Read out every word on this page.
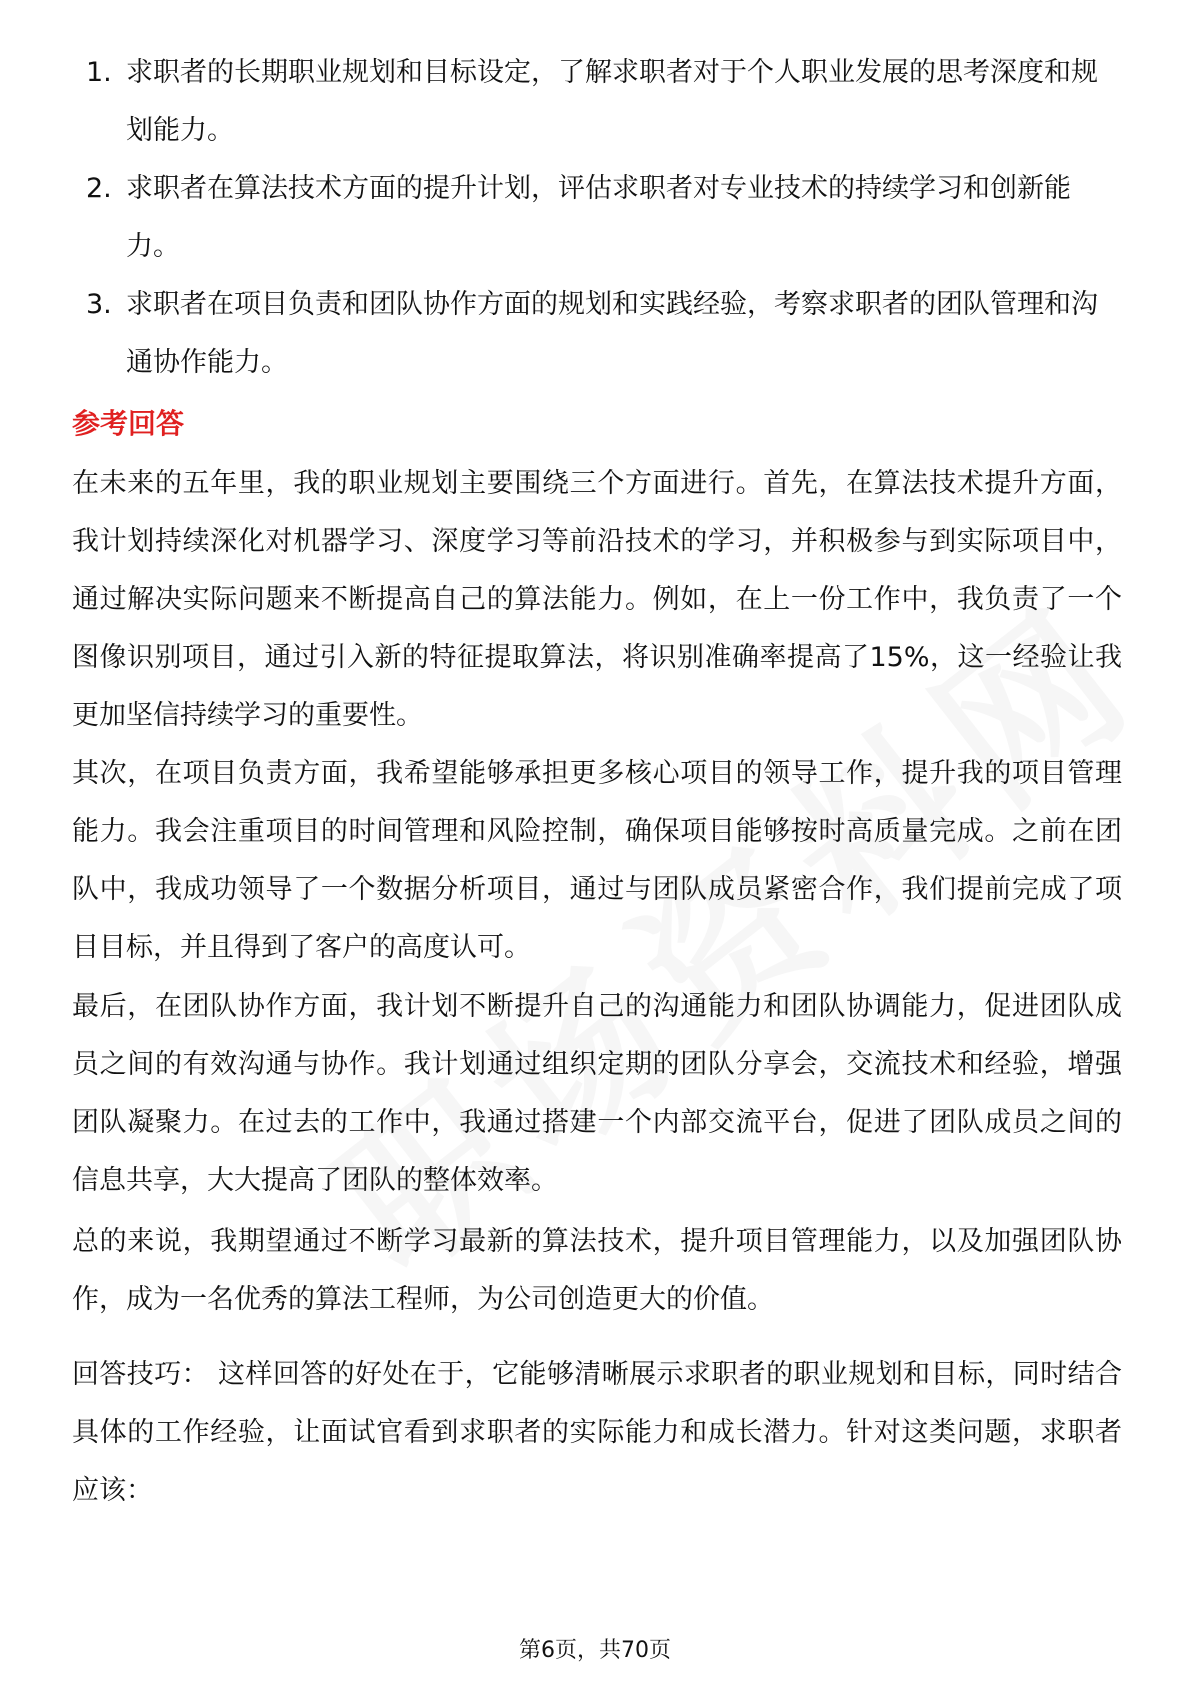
1. 求职者的长期职业规划和目标设定，了解求职者对于个人职业发展的思考深度和规划能力。
2. 求职者在算法技术方面的提升计划，评估求职者对专业技术的持续学习和创新能力。
3. 求职者在项目负责和团队协作方面的规划和实践经验，考察求职者的团队管理和沟通协作能力。
参考回答

在未来的五年里，我的职业规划主要围绕三个方面进行。首先，在算法技术提升方面，我计划持续深化对机器学习、深度学习等前沿技术的学习，并积极参与到实际项目中，通过解决实际问题来不断提高自己的算法能力。例如，在上一份工作中，我负责了一个图像识别项目，通过引入新的特征提取算法，将识别准确率提高了15%，这一经验让我更加坚信持续学习的重要性。

其次，在项目负责方面，我希望能够承担更多核心项目的领导工作，提升我的项目管理能力。我会注重项目的时间管理和风险控制，确保项目能够按时高质量完成。之前在团队中，我成功领导了一个数据分析项目，通过与团队成员紧密合作，我们提前完成了项目目标，并且得到了客户的高度认可。

最后，在团队协作方面，我计划不断提升自己的沟通能力和团队协调能力，促进团队成员之间的有效沟通与协作。我计划通过组织定期的团队分享会，交流技术和经验，增强团队凝聚力。在过去的工作中，我通过搭建一个内部交流平台，促进了团队成员之间的信息共享，大大提高了团队的整体效率。

总的来说，我期望通过不断学习最新的算法技术，提升项目管理能力，以及加强团队协作，成为一名优秀的算法工程师，为公司创造更大的价值。

回答技巧： 这样回答的好处在于，它能够清晰展示求职者的职业规划和目标，同时结合具体的工作经验，让面试官看到求职者的实际能力和成长潜力。针对这类问题，求职者应该：

第6页，共70页
